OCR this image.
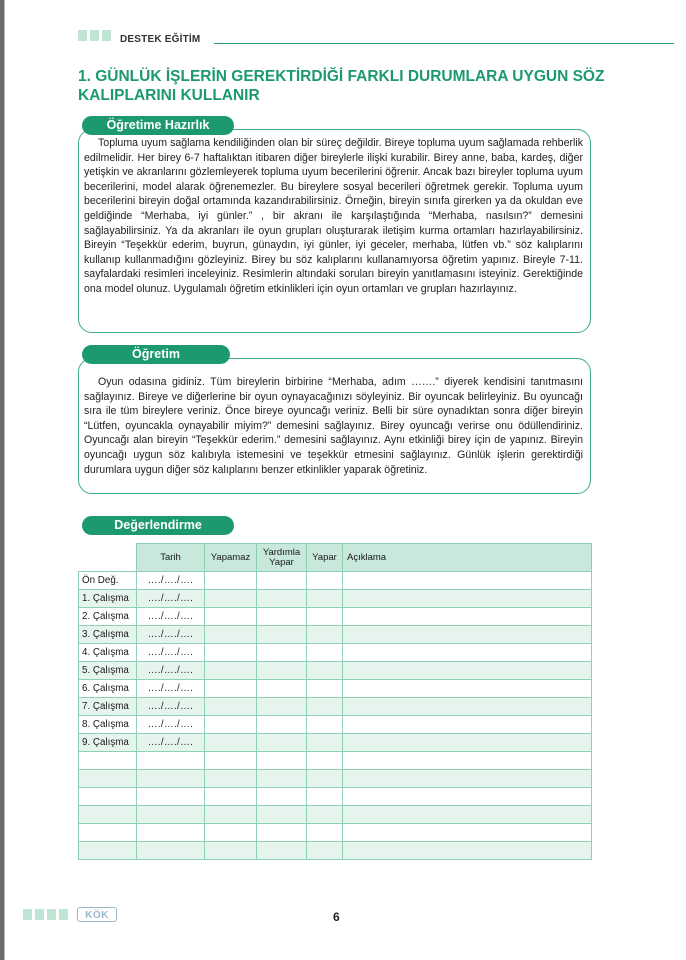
DESTEK EĞİTİM
1. GÜNLÜK İŞLERİN GEREKTİRDİĞİ FARKLI DURUMLARA UYGUN SÖZ KALIPLARINI KULLANIR
Öğretime Hazırlık

Topluma uyum sağlama kendiliğinden olan bir süreç değildir. Bireye topluma uyum sağlamada rehberlik edilmelidir. Her birey 6-7 haftalıktan itibaren diğer bireylerle ilişki kurabilir. Birey anne, baba, kardeş, diğer yetişkin ve akranlarını gözlemleyerek topluma uyum becerilerini öğrenir. Ancak bazı bireyler topluma uyum becerilerini, model alarak öğrenemezler. Bu bireylere sosyal becerileri öğretmek gerekir. Topluma uyum becerilerini bireyin doğal ortamında kazandırabilirsiniz. Örneğin, bireyin sınıfa girerken ya da okuldan eve geldiğinde “Merhaba, iyi günler.” , bir akranı ile karşılaştığında “Merhaba, nasılsın?” demesini sağlayabilirsiniz. Ya da akranları ile oyun grupları oluşturarak iletişim kurma ortamları hazırlayabilirsiniz. Bireyin “Teşekkür ederim, buyrun, günaydın, iyi günler, iyi geceler, merhaba, lütfen vb.” söz kalıplarını kullanıp kullanmadığını gözleyiniz. Birey bu söz kalıplarını kullanamıyorsa öğretim yapınız. Bireyle 7-11. sayfalardaki resimleri inceleyiniz. Resimlerin altındaki soruları bireyin yanıtlamasını isteyiniz. Gerektiğinde ona model olunuz. Uygulamalı öğretim etkinlikleri için oyun ortamları ve grupları hazırlayınız.

Öğretim

Oyun odasına gidiniz. Tüm bireylerin birbirine “Merhaba, adım …….” diyerek kendisini tanıtmasını sağlayınız. Bireye ve diğerlerine bir oyun oynayacağınızı söyleyiniz. Bir oyuncak belirleyiniz. Bu oyuncağı sıra ile tüm bireylere veriniz. Önce bireye oyuncağı veriniz. Belli bir süre oynadıktan sonra diğer bireyin “Lütfen, oyuncakla oynayabilir miyim?” demesini sağlayınız. Birey oyuncağı verirse onu ödüllendiriniz. Oyuncağı alan bireyin “Teşekkür ederim.” demesini sağlayınız. Aynı etkinliği birey için de yapınız. Bireyin oyuncağı uygun söz kalıbıyla istemesini ve teşekkür etmesini sağlayınız. Günlük işlerin gerektirdiği durumlara uygun diğer söz kalıplarını benzer etkinlikler yaparak öğretiniz.

Değerlendirme
	Tarih	Yapamaz	Yardımla Yapar	Yapar	Açıklama
Ön Değ.	…./…./….				
1. Çalışma	…./…./….				
2. Çalışma	…./…./….				
3. Çalışma	…./…./….				
4. Çalışma	…./…./….				
5. Çalışma	…./…./….				
6. Çalışma	…./…./….				
7. Çalışma	…./…./….				
8. Çalışma	…./…./….				
9. Çalışma	…./…./….				

KÖK	6
